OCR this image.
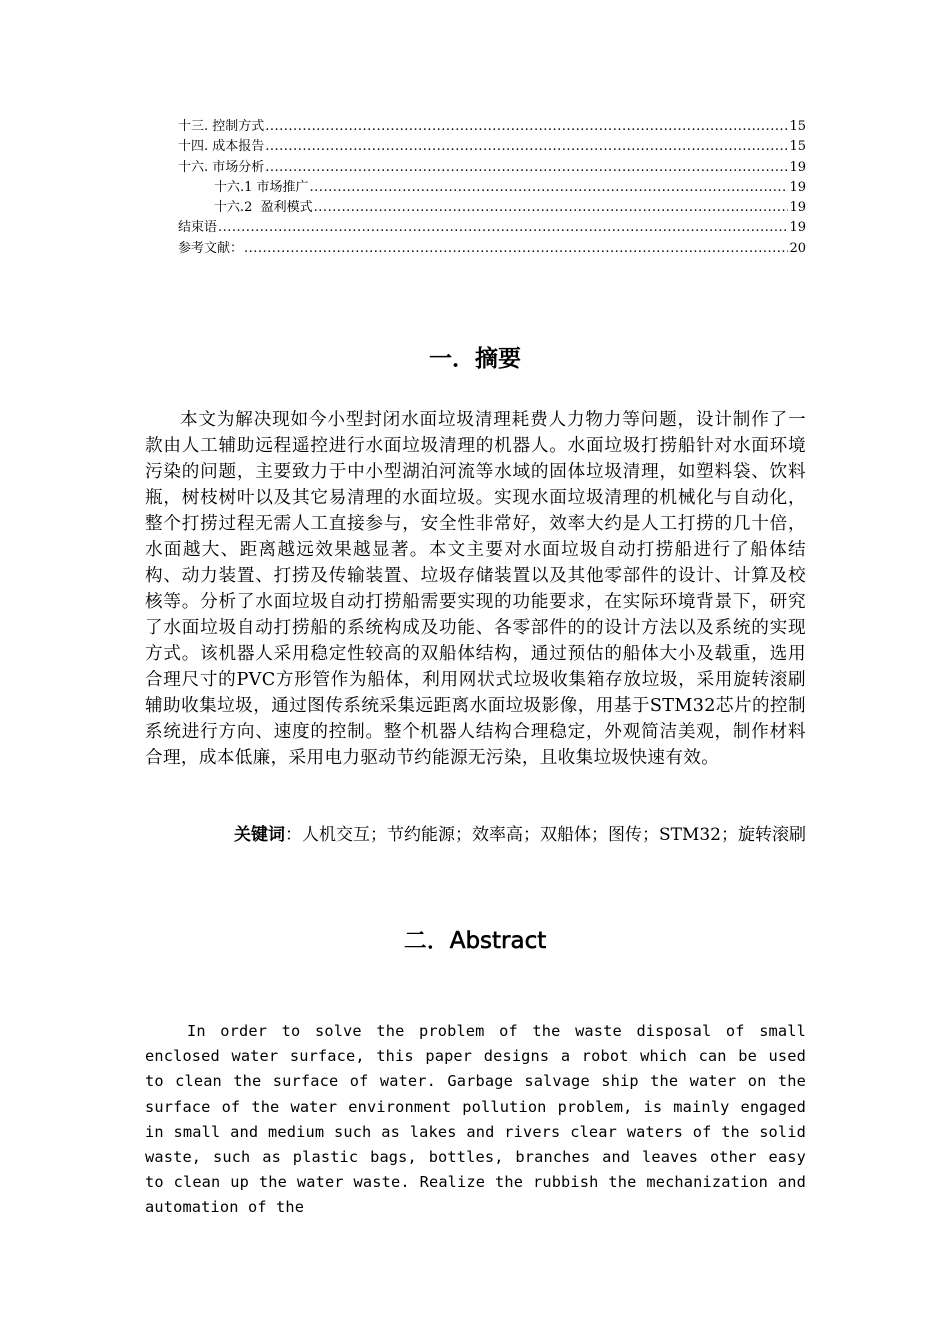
十三. 控制方式 .....	15
十四. 成本报告 .....	15
十六. 市场分析 .....	19
十六.1 市场推广 .....	19
十六.2  盈利模式 .....	19
结束语 .....	19
参考文献： .....	20
一．摘要

本文为解决现如今小型封闭水面垃圾清理耗费人力物力等问题，设计制作了一款由人工辅助远程遥控进行水面垃圾清理的机器人。水面垃圾打捞船针对水面环境污染的问题，主要致力于中小型湖泊河流等水域的固体垃圾清理，如塑料袋、饮料瓶，树枝树叶以及其它易清理的水面垃圾。实现水面垃圾清理的机械化与自动化，整个打捞过程无需人工直接参与，安全性非常好，效率大约是人工打捞的几十倍，水面越大、距离越远效果越显著。本文主要对水面垃圾自动打捞船进行了船体结构、动力装置、打捞及传输装置、垃圾存储装置以及其他零部件的设计、计算及校核等。分析了水面垃圾自动打捞船需要实现的功能要求，在实际环境背景下，研究了水面垃圾自动打捞船的系统构成及功能、各零部件的的设计方法以及系统的实现方式。该机器人采用稳定性较高的双船体结构，通过预估的船体大小及载重，选用合理尺寸的PVC方形管作为船体，利用网状式垃圾收集箱存放垃圾，采用旋转滚刷辅助收集垃圾，通过图传系统采集远距离水面垃圾影像，用基于STM32芯片的控制系统进行方向、速度的控制。整个机器人结构合理稳定，外观简洁美观，制作材料合理，成本低廉，采用电力驱动节约能源无污染，且收集垃圾快速有效。

关键词：人机交互；节约能源；效率高；双船体；图传；STM32；旋转滚刷

二．Abstract

In order to solve the problem of the waste disposal of small enclosed water surface, this paper designs a robot which can be used to clean the surface of water. Garbage salvage ship the water on the surface of the water environment pollution problem, is mainly engaged in small and medium such as lakes and rivers clear waters of the solid waste, such as plastic bags, bottles, branches and leaves other easy to clean up the water waste. Realize the rubbish the mechanization and automation of the
